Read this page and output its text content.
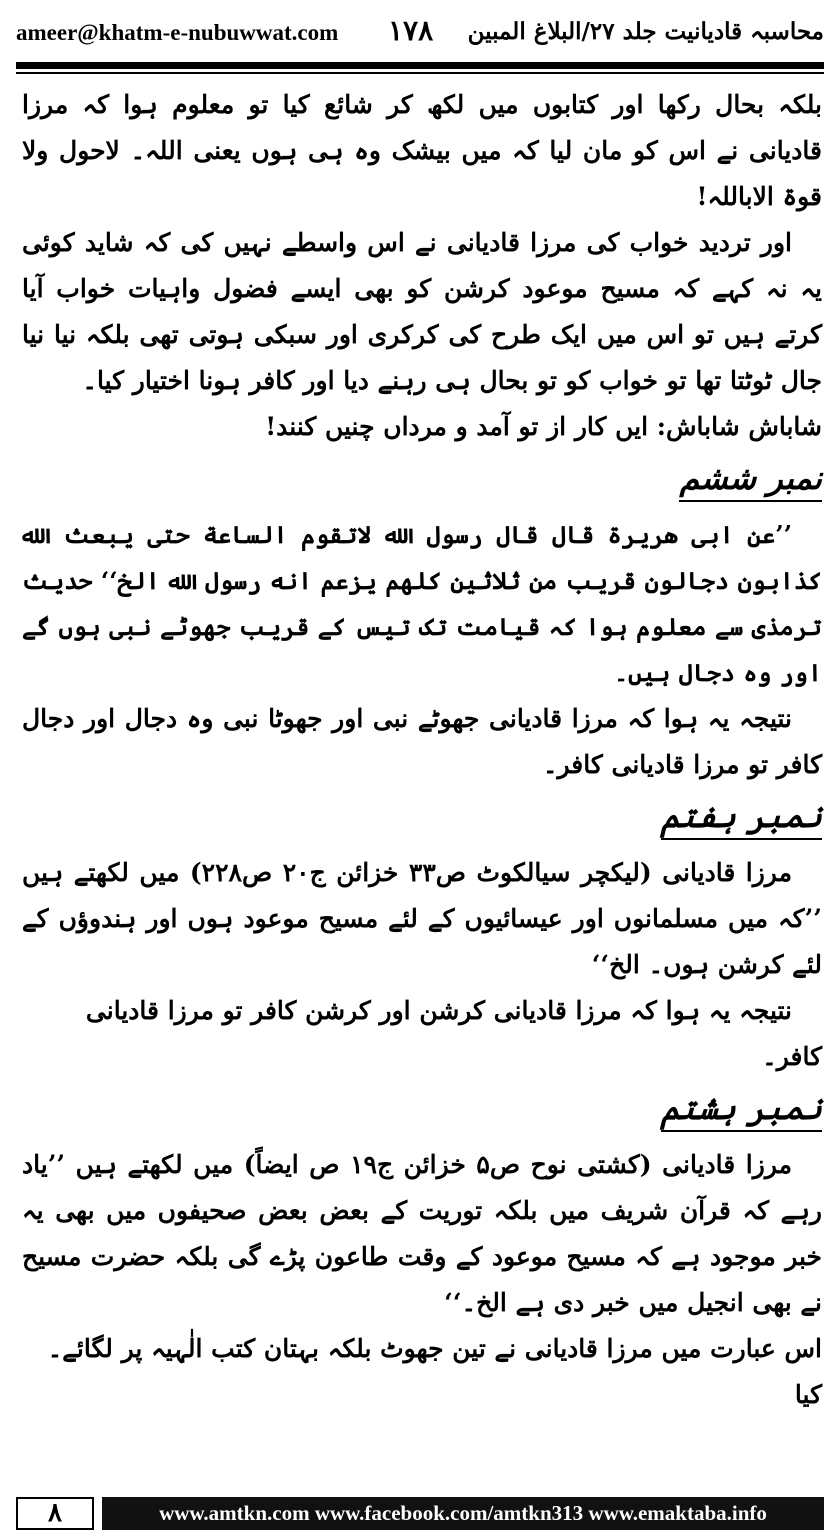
ameer@khatm-e-nubuwwat.com ۱۷۸ محاسبہ قادیانیت جلد ۲۷/البلاغ المبین

بلکہ بحال رکھا اور کتابوں میں لکھ کر شائع کیا تو معلوم ہوا کہ مرزا قادیانی نے اس کو مان لیا کہ میں بیشک وہ ہی ہوں یعنی اللہ۔ لاحول ولا قوۃ الاباللہ!

اور تردید خواب کی مرزا قادیانی نے اس واسطے نہیں کی کہ شاید کوئی یہ نہ کہے کہ مسیح موعود کرشن کو بھی ایسے فضول واہیات خواب آیا کرتے ہیں تو اس میں ایک طرح کی کرکری اور سبکی ہوتی تھی بلکہ نیا نیا جال ٹوٹتا تھا تو خواب کو تو بحال ہی رہنے دیا اور کافر ہونا اختیار کیا۔

شاباش شاباش: ایں کار از تو آمد و مرداں چنیں کنند!

نمبر ششم

’’عن ابی هريرة قال قال رسول الله لاتقوم الساعة حتى يبعث الله كذابون دجالون قريب من ثلاثين كلهم يزعم انه رسول الله الخ‘‘ حدیث ترمذی سے معلوم ہوا کہ قیامت تک تیس کے قریب جھوٹے نبی ہوں گے اور وہ دجال ہیں۔

نتیجہ یہ ہوا کہ مرزا قادیانی جھوٹے نبی اور جھوٹا نبی وہ دجال اور دجال کافر تو مرزا قادیانی کافر۔

نمبر ہفتم

مرزا قادیانی (لیکچر سیالکوٹ ص۳۳ خزائن ج۲۰ ص۲۲۸) میں لکھتے ہیں ’’کہ میں مسلمانوں اور عیسائیوں کے لئے مسیح موعود ہوں اور ہندوؤں کے لئے کرشن ہوں۔ الخ‘‘

نتیجہ یہ ہوا کہ مرزا قادیانی کرشن اور کرشن کافر تو مرزا قادیانی کافر۔

نمبر ہشتم

مرزا قادیانی (کشتی نوح ص۵ خزائن ج۱۹ ص ایضاً) میں لکھتے ہیں ’’یاد رہے کہ قرآن شریف میں بلکہ توریت کے بعض بعض صحیفوں میں بھی یہ خبر موجود ہے کہ مسیح موعود کے وقت طاعون پڑے گی بلکہ حضرت مسیح نے بھی انجیل میں خبر دی ہے الخ۔‘‘

اس عبارت میں مرزا قادیانی نے تین جھوٹ بلکہ بہتان کتب الٰہیہ پر لگائے۔ کیا

۸	www.amtkn.com www.facebook.com/amtkn313 www.emaktaba.info
